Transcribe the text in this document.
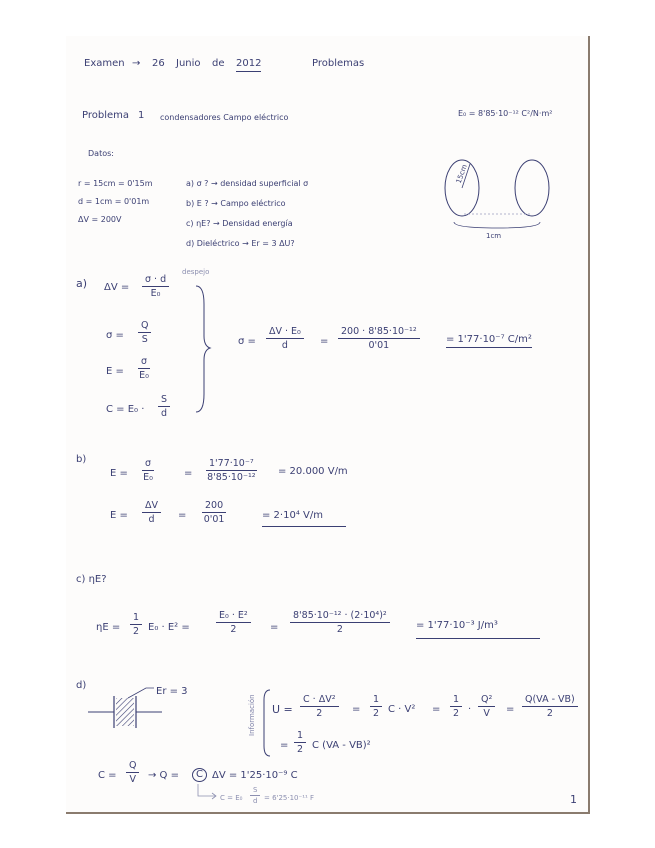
Examen → 26 Junio de 2012	Problemas
Problema 1 condensadores Campo eléctrico	E₀ = 8'85·10⁻¹² C²/N·m²
Datos:
r = 15cm = 0'15m
d = 1cm = 0'01m
ΔV = 200V
a) σ ? → densidad superficial σ
b) E ? → Campo eléctrico
c) ηE? → Densidad energía
d) Dieléctrico → Er = 3 ΔU?
15cm
1cm
a) $\Delta V = \frac{\sigma \cdot d}{\text{E₀}}$
despejo
$\sigma = \frac{Q}{S}$
$E = \frac{\sigma}{\text{E₀}}$
$C = E_0 \cdot \frac{S}{d}$
$\sigma = \frac{\text{ΔV · E₀}}{d} = \frac{\text{200 · 8'85·10⁻¹²}}{0'01}$	= 1'77·10⁻⁷ C/m²
b)
$E = \frac{\sigma}{\text{E₀}}$	= $\frac{\text{1'77·10⁻⁷}}{\text{8'85·10⁻¹²}} = 20.000$ V/m
$E = \frac{\Delta V}{d} = \frac{200}{0'01}$	= 2·10⁴ V/m
c) ηE?
$\eta E = \frac{1}{2} E_0 \cdot E^2$ =	$\frac{\text{E₀ · E²}}{2} = \frac{\text{8'85·10⁻¹² · (2·10⁴)²}}{2}$	= 1'77·10⁻³ J/m³
d)
Er = 3
Información $U = \frac{\text{C · ΔV²}}{2} = \frac{1}{2}$ $C \cdot V^2 = \frac{1}{2} \cdot \frac{\text{Q²}}{V} = \frac{Q(VA - VB)}{2}$
= $\frac{1}{2}$ C (VA - VB)²
$C = \frac{Q}{V} \to Q$ =	C ΔV = 1'25·10⁻⁹ C
$C = E_0 \frac{S}{d} = 6'25\cdot 10^{-11}$ F	1
